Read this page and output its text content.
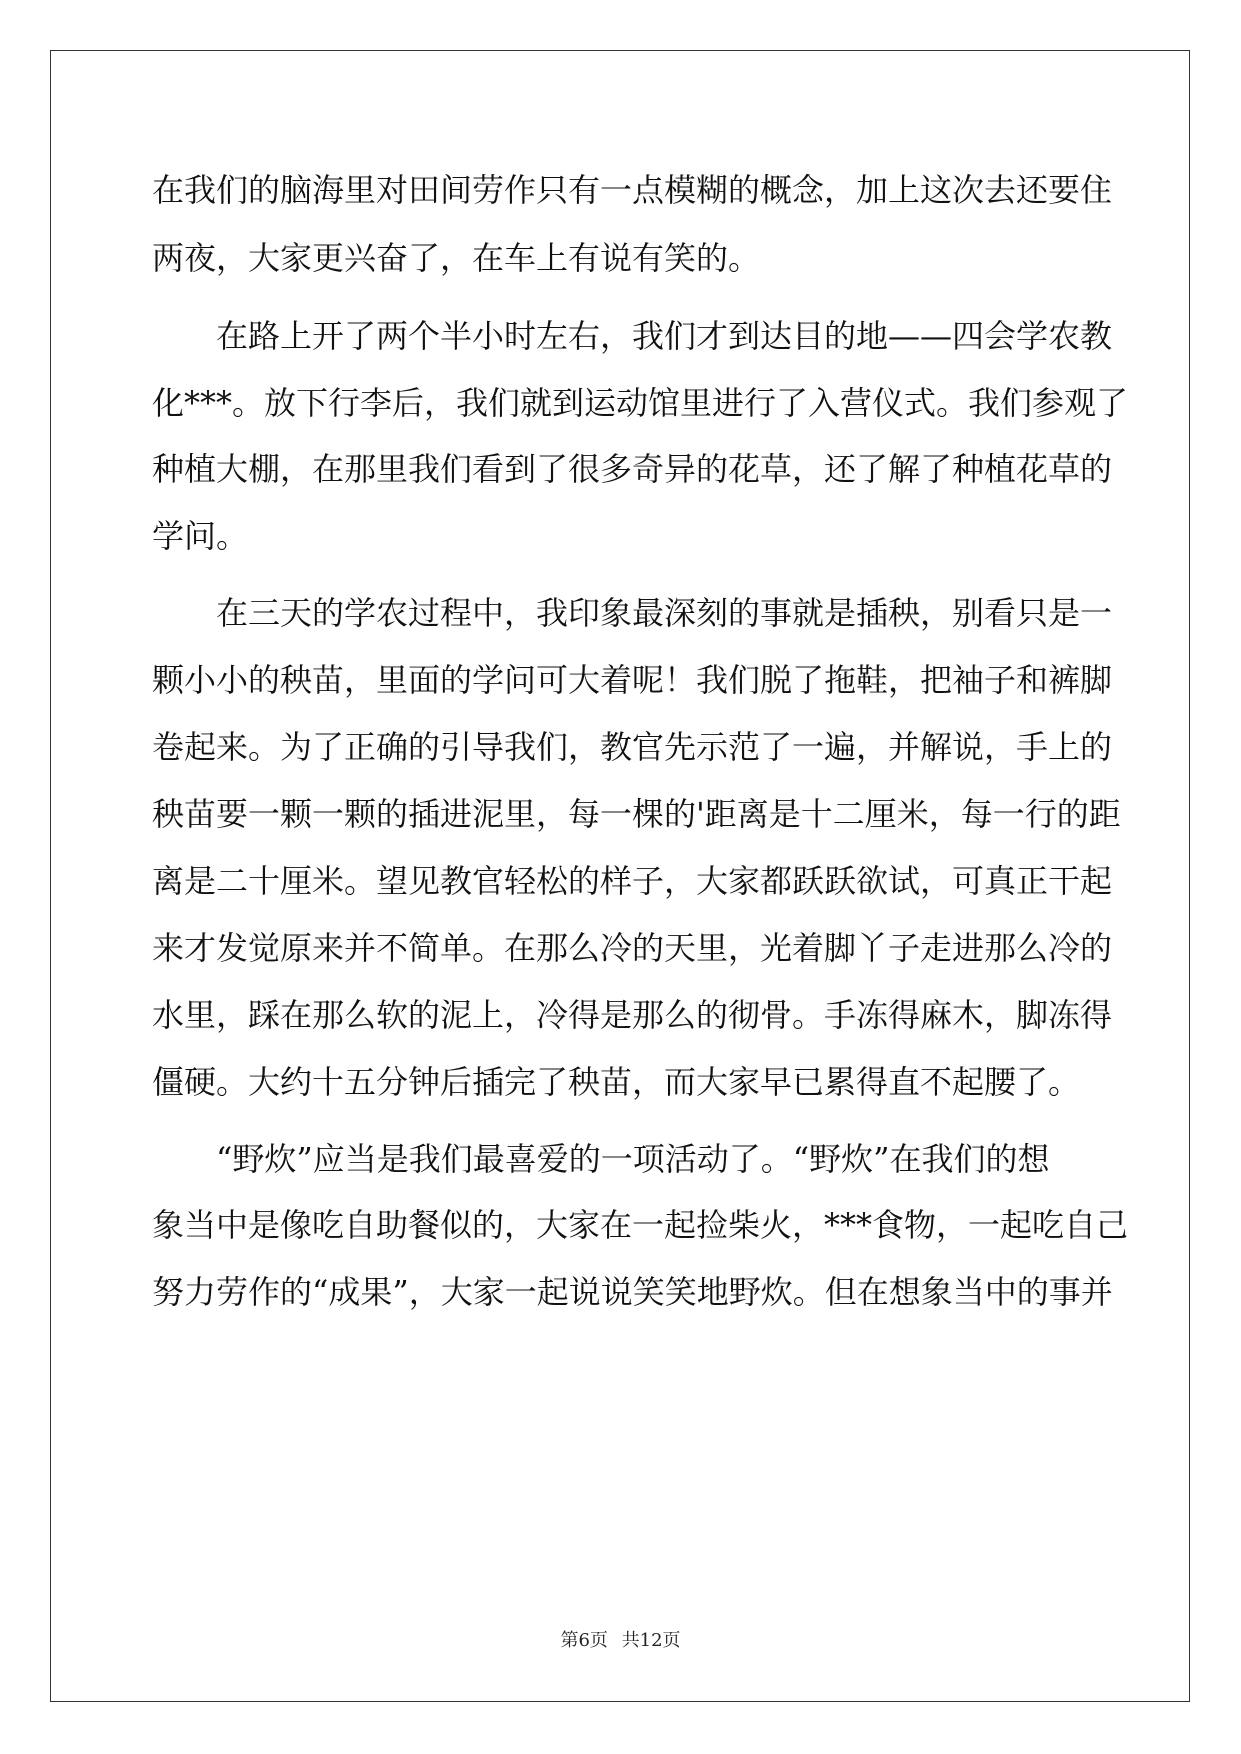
在我们的脑海里对田间劳作只有一点模糊的概念，加上这次去还要住
两夜，大家更兴奋了，在车上有说有笑的。
　　在路上开了两个半小时左右，我们才到达目的地——四会学农教
化***。放下行李后，我们就到运动馆里进行了入营仪式。我们参观了
种植大棚，在那里我们看到了很多奇异的花草，还了解了种植花草的
学问。
　　在三天的学农过程中，我印象最深刻的事就是插秧，别看只是一
颗小小的秧苗，里面的学问可大着呢！我们脱了拖鞋，把袖子和裤脚
卷起来。为了正确的引导我们，教官先示范了一遍，并解说，手上的
秧苗要一颗一颗的插进泥里，每一棵的'距离是十二厘米，每一行的距
离是二十厘米。望见教官轻松的样子，大家都跃跃欲试，可真正干起
来才发觉原来并不简单。在那么冷的天里，光着脚丫子走进那么冷的
水里，踩在那么软的泥上，冷得是那么的彻骨。手冻得麻木，脚冻得
僵硬。大约十五分钟后插完了秧苗，而大家早已累得直不起腰了。
　　“野炊”应当是我们最喜爱的一项活动了。“野炊”在我们的想
象当中是像吃自助餐似的，大家在一起捡柴火，***食物，一起吃自己
努力劳作的“成果”，大家一起说说笑笑地野炊。但在想象当中的事并
第6页 共12页
